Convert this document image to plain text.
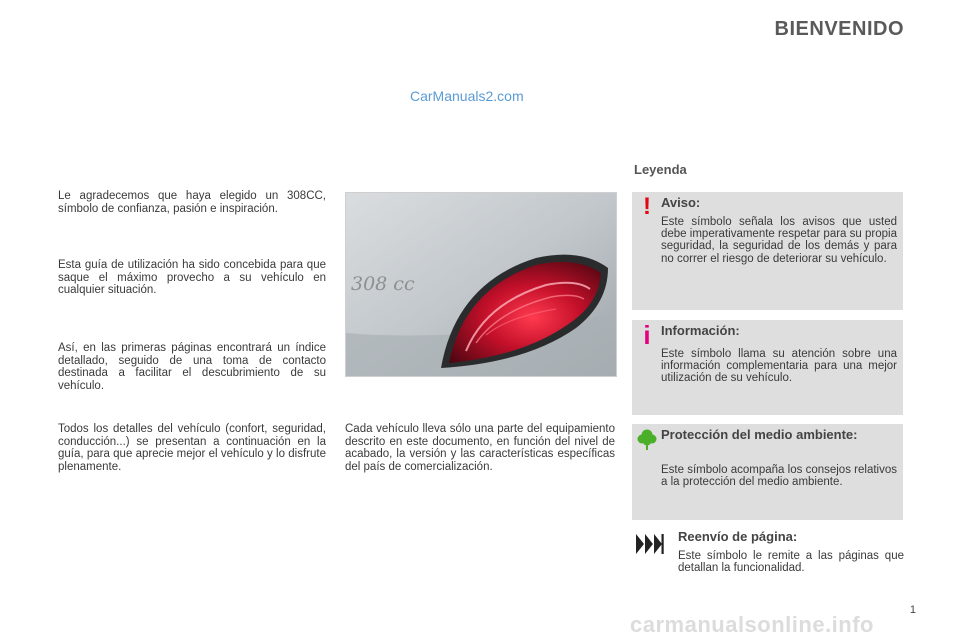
BIENVENIDO
CarManuals2.com
Leyenda

Le agradecemos que haya elegido un 308CC, símbolo de confianza, pasión e inspiración.

Esta guía de utilización ha sido concebida para que saque el máximo provecho a su vehículo en cualquier situación.

Así, en las primeras páginas encontrará un índice detallado, seguido de una toma de contacto destinada a facilitar el descubrimiento de su vehículo.

Todos los detalles del vehículo (confort, seguridad, conducción...) se presentan a continuación en la guía, para que aprecie mejor el vehículo y lo disfrute plenamente.

308 cc

Cada vehículo lleva sólo una parte del equipamiento descrito en este documento, en función del nivel de acabado, la versión y las características específicas del país de comercialización.

! Aviso:
Este símbolo señala los avisos que usted debe imperativamente respetar para su propia seguridad, la seguridad de los demás y para no correr el riesgo de deteriorar su vehículo.
i Información:
Este símbolo llama su atención sobre una información complementaria para una mejor utilización de su vehículo.
Protección del medio ambiente:
Este símbolo acompaña los consejos relativos a la protección del medio ambiente.
Reenvío de página:
Este símbolo le remite a las páginas que detallan la funcionalidad.
1
carmanualsonline.info
